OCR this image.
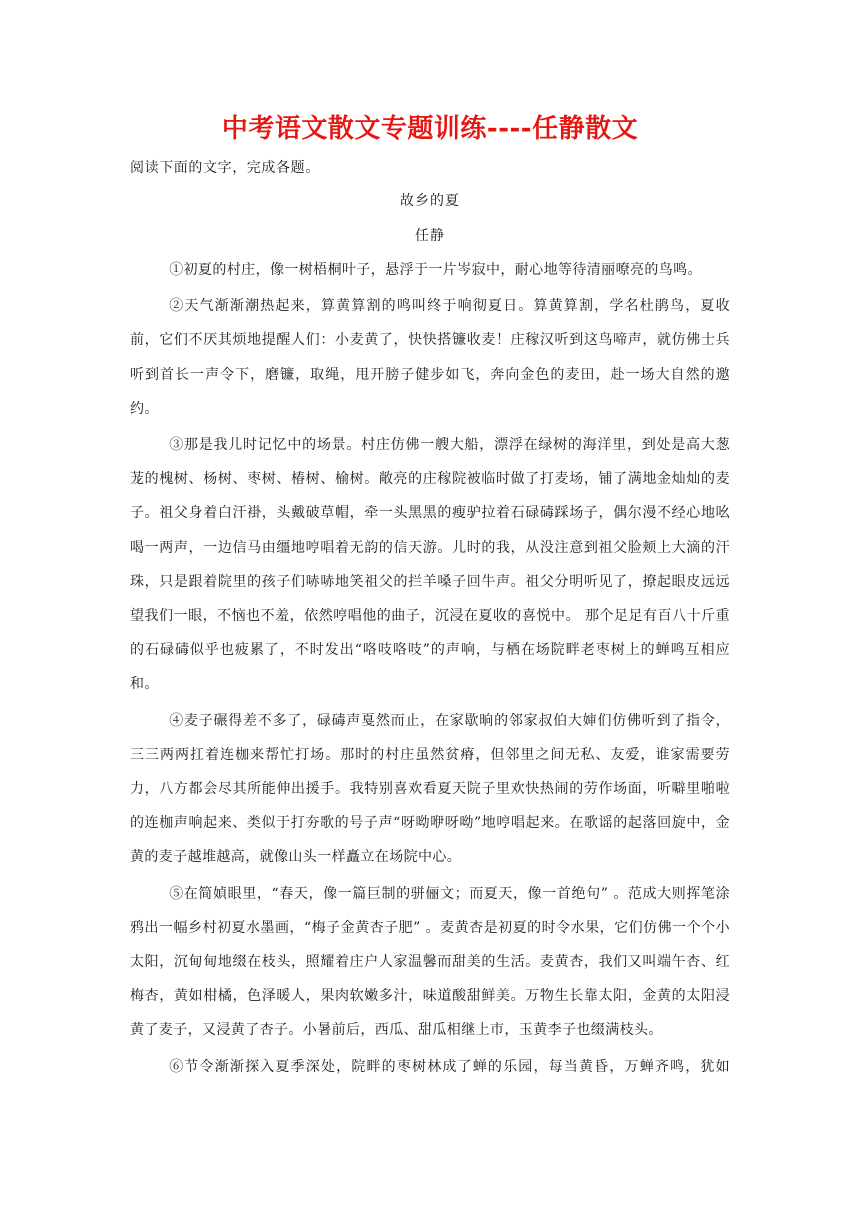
中考语文散文专题训练----任静散文
阅读下面的文字，完成各题。
故乡的夏
任静

①初夏的村庄，像一树梧桐叶子，悬浮于一片岑寂中，耐心地等待清丽嘹亮的鸟鸣。

②天气渐渐潮热起来，算黄算割的鸣叫终于响彻夏日。算黄算割，学名杜鹃鸟，夏收前，它们不厌其烦地提醒人们：小麦黄了，快快搭镰收麦！庄稼汉听到这鸟啼声，就仿佛士兵听到首长一声令下，磨镰，取绳，甩开膀子健步如飞，奔向金色的麦田，赴一场大自然的邀约。

③那是我儿时记忆中的场景。村庄仿佛一艘大船，漂浮在绿树的海洋里，到处是高大葱茏的槐树、杨树、枣树、椿树、榆树。敞亮的庄稼院被临时做了打麦场，铺了满地金灿灿的麦子。祖父身着白汗褂，头戴破草帽，牵一头黑黑的瘦驴拉着石碌碡踩场子，偶尔漫不经心地吆喝一两声，一边信马由缰地哼唱着无韵的信天游。儿时的我，从没注意到祖父脸颊上大滴的汗珠，只是跟着院里的孩子们哧哧地笑祖父的拦羊嗓子回牛声。祖父分明听见了，撩起眼皮远远望我们一眼，不恼也不羞，依然哼唱他的曲子，沉浸在夏收的喜悦中。 那个足足有百八十斤重的石碌碡似乎也疲累了，不时发出“咯吱咯吱”的声响，与栖在场院畔老枣树上的蝉鸣互相应和。

④麦子碾得差不多了，碌碡声戛然而止，在家歇晌的邻家叔伯大婶们仿佛听到了指令，三三两两扛着连枷来帮忙打场。那时的村庄虽然贫瘠，但邻里之间无私、友爱，谁家需要劳力，八方都会尽其所能伸出援手。我特别喜欢看夏天院子里欢快热闹的劳作场面，听噼里啪啦的连枷声响起来、类似于打夯歌的号子声“呀呦咿呀呦”地哼唱起来。在歌谣的起落回旋中，金黄的麦子越堆越高，就像山头一样矗立在场院中心。

⑤在简媜眼里，“春天，像一篇巨制的骈俪文；而夏天，像一首绝句” 。范成大则挥笔涂鸦出一幅乡村初夏水墨画，“梅子金黄杏子肥” 。麦黄杏是初夏的时令水果，它们仿佛一个个小太阳，沉甸甸地缀在枝头，照耀着庄户人家温馨而甜美的生活。麦黄杏，我们又叫端午杏、红梅杏，黄如柑橘，色泽暖人，果肉软嫩多汁，味道酸甜鲜美。万物生长靠太阳，金黄的太阳浸黄了麦子，又浸黄了杏子。小暑前后，西瓜、甜瓜相继上市，玉黄李子也缀满枝头。

⑥节令渐渐探入夏季深处，院畔的枣树林成了蝉的乐园，每当黄昏，万蝉齐鸣，犹如
